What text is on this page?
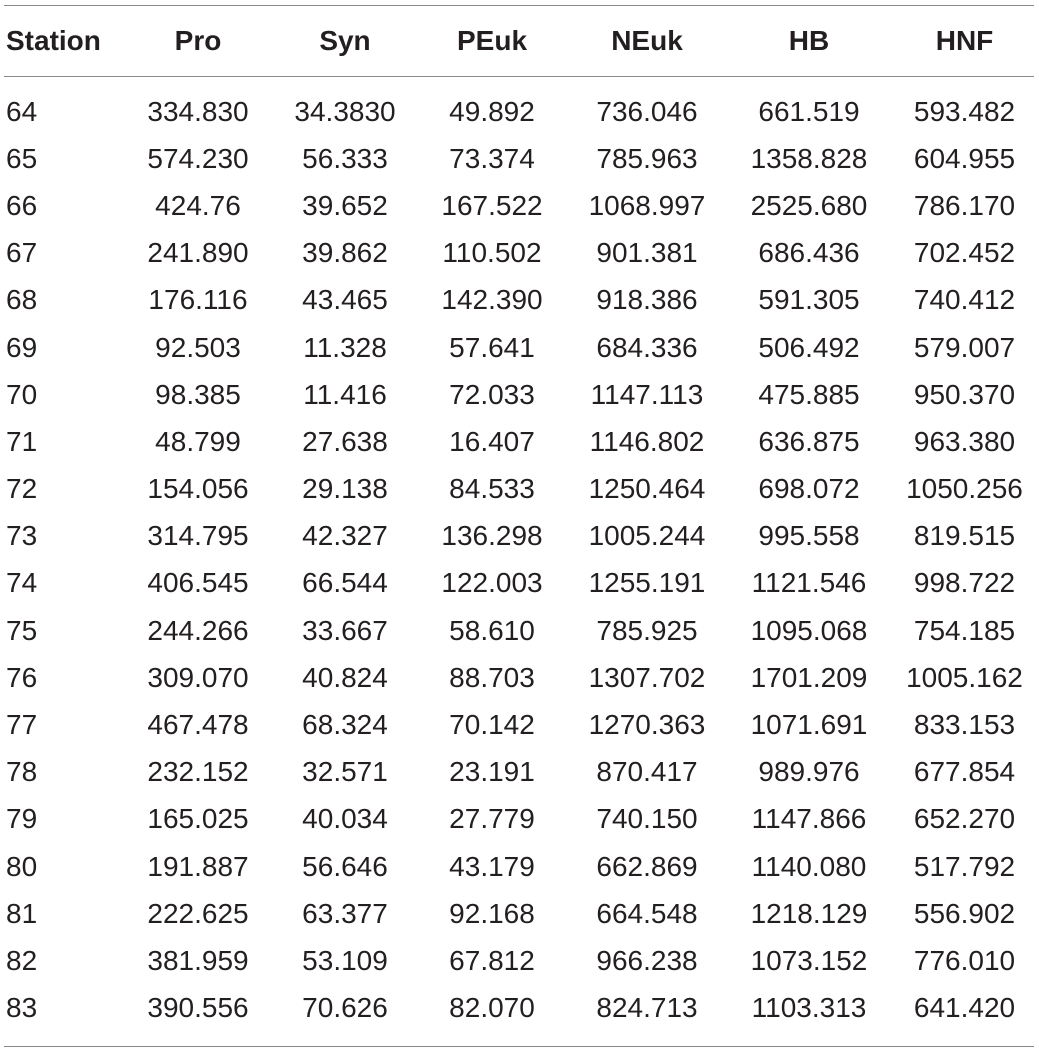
Station	Pro	Syn	PEuk	NEuk	HB	HNF
64	334.830	34.3830	49.892	736.046	661.519	593.482
65	574.230	56.333	73.374	785.963	1358.828	604.955
66	424.76	39.652	167.522	1068.997	2525.680	786.170
67	241.890	39.862	110.502	901.381	686.436	702.452
68	176.116	43.465	142.390	918.386	591.305	740.412
69	92.503	11.328	57.641	684.336	506.492	579.007
70	98.385	11.416	72.033	1147.113	475.885	950.370
71	48.799	27.638	16.407	1146.802	636.875	963.380
72	154.056	29.138	84.533	1250.464	698.072	1050.256
73	314.795	42.327	136.298	1005.244	995.558	819.515
74	406.545	66.544	122.003	1255.191	1121.546	998.722
75	244.266	33.667	58.610	785.925	1095.068	754.185
76	309.070	40.824	88.703	1307.702	1701.209	1005.162
77	467.478	68.324	70.142	1270.363	1071.691	833.153
78	232.152	32.571	23.191	870.417	989.976	677.854
79	165.025	40.034	27.779	740.150	1147.866	652.270
80	191.887	56.646	43.179	662.869	1140.080	517.792
81	222.625	63.377	92.168	664.548	1218.129	556.902
82	381.959	53.109	67.812	966.238	1073.152	776.010
83	390.556	70.626	82.070	824.713	1103.313	641.420
